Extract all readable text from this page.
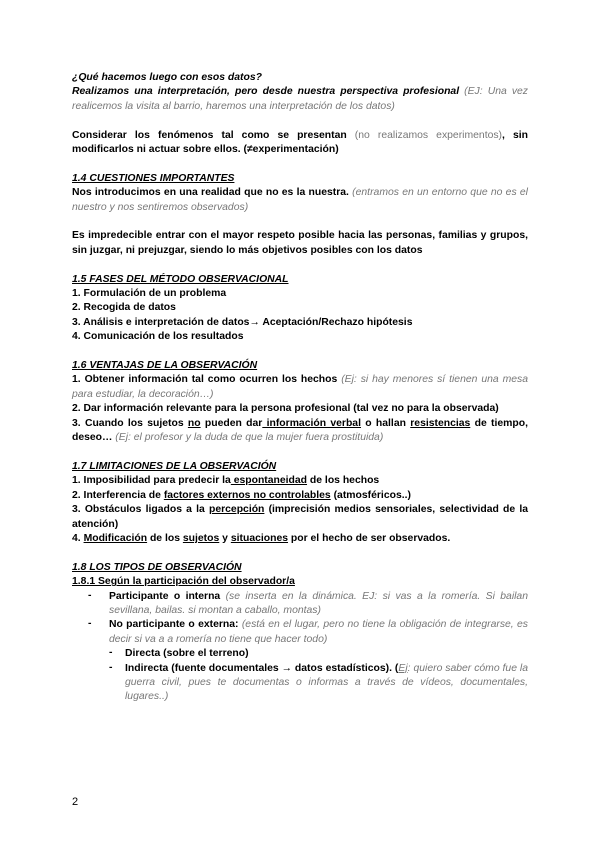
¿Qué hacemos luego con esos datos?

Realizamos una interpretación, pero desde nuestra perspectiva profesional (EJ: Una vez realicemos la visita al barrio, haremos una interpretación de los datos)

Considerar los fenómenos tal como se presentan (no realizamos experimentos), sin modificarlos ni actuar sobre ellos. (≠experimentación)

1.4 CUESTIONES IMPORTANTES

Nos introducimos en una realidad que no es la nuestra. (entramos en un entorno que no es el nuestro y nos sentiremos observados)

Es impredecible entrar con el mayor respeto posible hacia las personas, familias y grupos, sin juzgar, ni prejuzgar, siendo lo más objetivos posibles con los datos

1.5 FASES DEL MÉTODO OBSERVACIONAL

1. Formulación de un problema

2. Recogida de datos

3. Análisis e interpretación de datos→ Aceptación/Rechazo hipótesis

4. Comunicación de los resultados

1.6 VENTAJAS DE LA OBSERVACIÓN

1. Obtener información tal como ocurren los hechos (Ej: si hay menores sí tienen una mesa para estudiar, la decoración…)

2. Dar información relevante para la persona profesional (tal vez no para la observada)

3. Cuando los sujetos no pueden dar información verbal o hallan resistencias de tiempo, deseo… (Ej: el profesor y la duda de que la mujer fuera prostituida)

1.7 LIMITACIONES DE LA OBSERVACIÓN

1. Imposibilidad para predecir la espontaneidad de los hechos

2. Interferencia de factores externos no controlables (atmosféricos..)

3. Obstáculos ligados a la percepción (imprecisión medios sensoriales, selectividad de la atención)

4. Modificación de los sujetos y situaciones por el hecho de ser observados.

1.8 LOS TIPOS DE OBSERVACIÓN

1.8.1 Según la participación del observador/a

-	Participante o interna (se inserta en la dinámica. EJ: si vas a la romería. Si bailan sevillana, bailas. si montan a caballo, montas)

-	No participante o externa: (está en el lugar, pero no tiene la obligación de integrarse, es decir si va a a romería no tiene que hacer todo)

-	Directa (sobre el terreno)

-	Indirecta (fuente documentales → datos estadísticos). (Ej: quiero saber cómo fue la guerra civil, pues te documentas o informas a través de vídeos, documentales, lugares..)

2
